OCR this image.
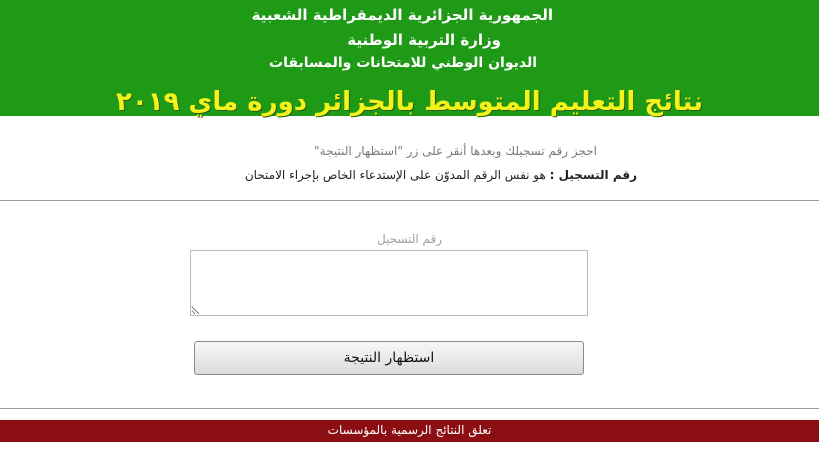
الجمهورية الجزائرية الديمقراطية الشعبية
وزارة التربية الوطنية
الديوان الوطني للامتحانات والمسابقات
نتائج التعليم المتوسط بالجزائر دورة ماي ٢٠١٩
احجز رقم تسجيلك وبعدها أنقر على زر "استظهار النتيجة"
رقم التسجيل : هو نفس الرقم المدوّن على الإستدعاء الخاص بإجراء الامتحان
رقم التسجيل
استظهار النتيجة
تعلق النتائج الرسمية بالمؤسسات
